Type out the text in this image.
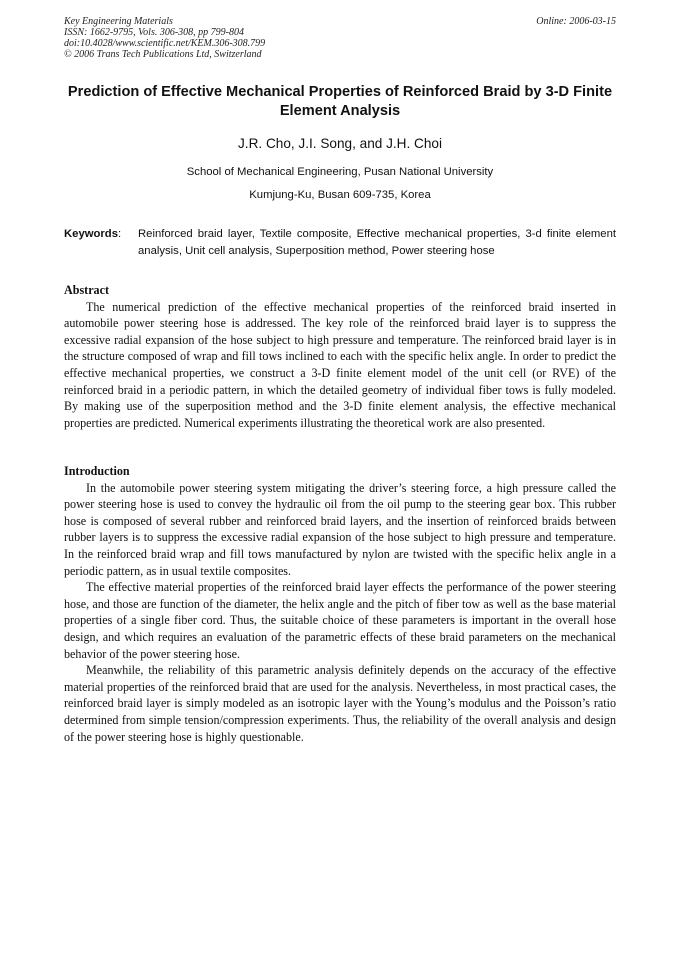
Key Engineering Materials
ISSN: 1662-9795, Vols. 306-308, pp 799-804
doi:10.4028/www.scientific.net/KEM.306-308.799
© 2006 Trans Tech Publications Ltd, Switzerland
Online: 2006-03-15
Prediction of Effective Mechanical Properties of Reinforced Braid by 3-D Finite Element Analysis
J.R. Cho, J.I. Song, and J.H. Choi
School of Mechanical Engineering, Pusan National University
Kumjung-Ku, Busan 609-735, Korea
Keywords: Reinforced braid layer, Textile composite, Effective mechanical properties, 3-d finite element analysis, Unit cell analysis, Superposition method, Power steering hose
Abstract

The numerical prediction of the effective mechanical properties of the reinforced braid inserted in automobile power steering hose is addressed. The key role of the reinforced braid layer is to suppress the excessive radial expansion of the hose subject to high pressure and temperature. The reinforced braid layer is in the structure composed of wrap and fill tows inclined to each with the specific helix angle. In order to predict the effective mechanical properties, we construct a 3-D finite element model of the unit cell (or RVE) of the reinforced braid in a periodic pattern, in which the detailed geometry of individual fiber tows is fully modeled. By making use of the superposition method and the 3-D finite element analysis, the effective mechanical properties are predicted. Numerical experiments illustrating the theoretical work are also presented.

Introduction

In the automobile power steering system mitigating the driver’s steering force, a high pressure called the power steering hose is used to convey the hydraulic oil from the oil pump to the steering gear box. This rubber hose is composed of several rubber and reinforced braid layers, and the insertion of reinforced braids between rubber layers is to suppress the excessive radial expansion of the hose subject to high pressure and temperature. In the reinforced braid wrap and fill tows manufactured by nylon are twisted with the specific helix angle in a periodic pattern, as in usual textile composites.

The effective material properties of the reinforced braid layer effects the performance of the power steering hose, and those are function of the diameter, the helix angle and the pitch of fiber tow as well as the base material properties of a single fiber cord. Thus, the suitable choice of these parameters is important in the overall hose design, and which requires an evaluation of the parametric effects of these braid parameters on the mechanical behavior of the power steering hose.

Meanwhile, the reliability of this parametric analysis definitely depends on the accuracy of the effective material properties of the reinforced braid that are used for the analysis. Nevertheless, in most practical cases, the reinforced braid layer is simply modeled as an isotropic layer with the Young’s modulus and the Poisson’s ratio determined from simple tension/compression experiments. Thus, the reliability of the overall analysis and design of the power steering hose is highly questionable.
